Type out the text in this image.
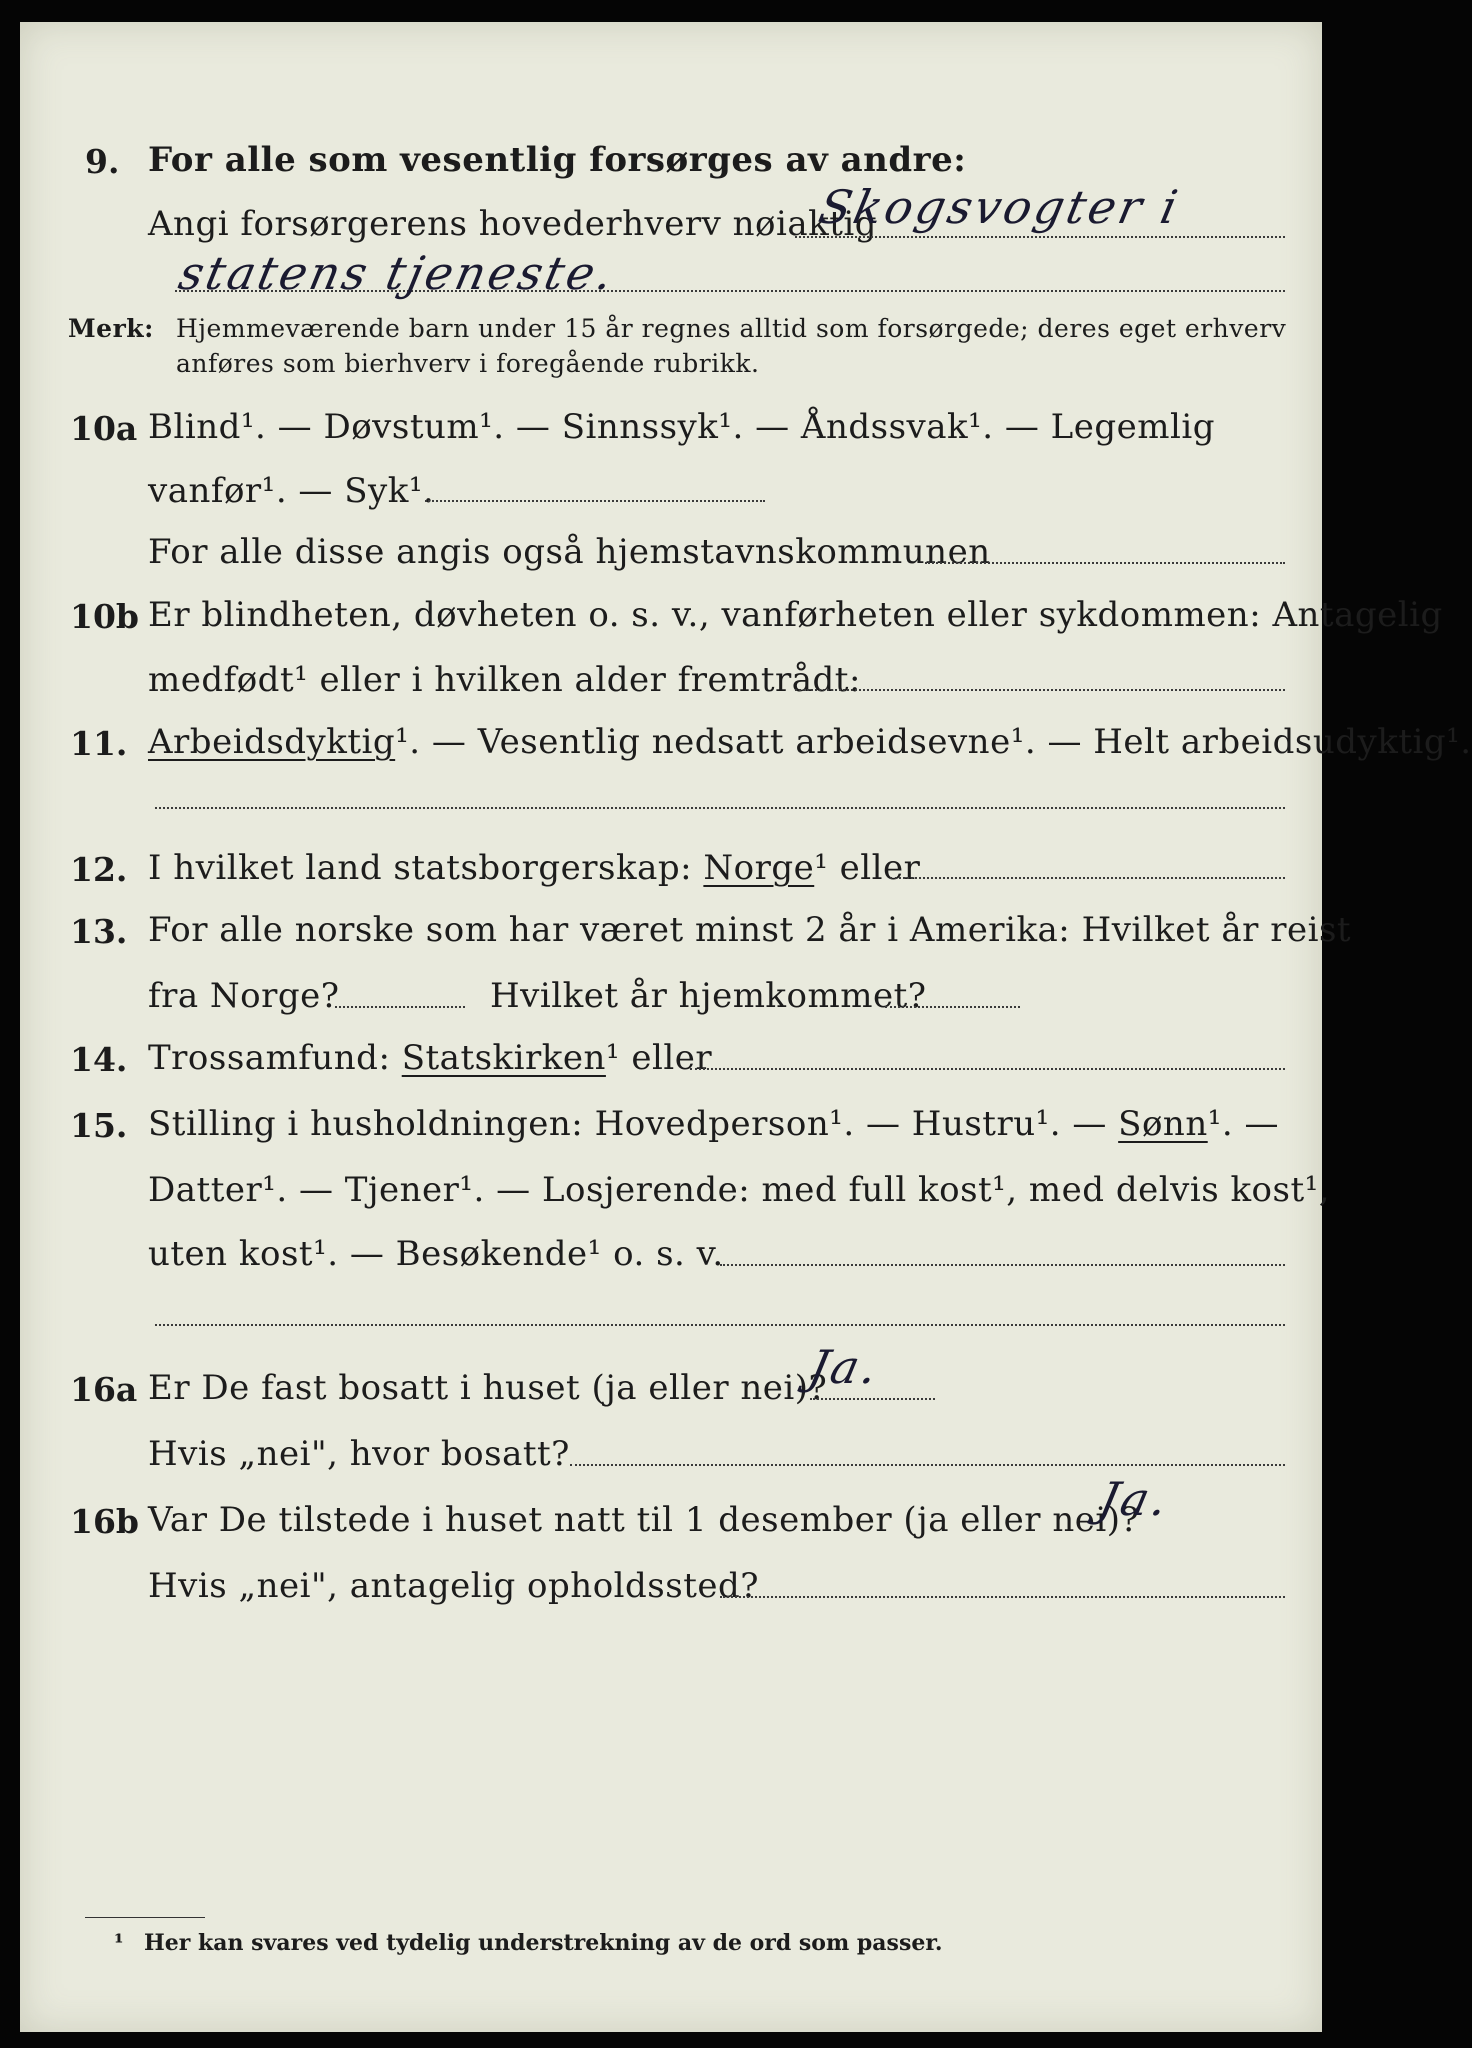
9. For alle som vesentlig forsørges av andre:
Angi forsørgerens hovederhverv nøiaktig
Skogsvogter i
statens tjeneste.
Merk: Hjemmeværende barn under 15 år regnes alltid som forsørgede; deres eget erhverv
anføres som bierhverv i foregående rubrikk.
10a Blind¹. — Døvstum¹. — Sinnssyk¹. — Åndssvak¹. — Legemlig
vanfør¹. — Syk¹.
For alle disse angis også hjemstavnskommunen
10b Er blindheten, døvheten o. s. v., vanførheten eller sykdommen: Antagelig
medfødt¹ eller i hvilken alder fremtrådt:
11. Arbeidsdyktig¹. — Vesentlig nedsatt arbeidsevne¹. — Helt arbeidsudyktig¹.
12. I hvilket land statsborgerskap: Norge¹ eller
13. For alle norske som har været minst 2 år i Amerika: Hvilket år reist
fra Norge?	Hvilket år hjemkommet?
14. Trossamfund: Statskirken¹ eller
15. Stilling i husholdningen: Hovedperson¹. — Hustru¹. — Sønn¹. —
Datter¹. — Tjener¹. — Losjerende: med full kost¹, med delvis kost¹,
uten kost¹. — Besøkende¹ o. s. v.
16a Er De fast bosatt i huset (ja eller nei)?
Ja.
Hvis „nei", hvor bosatt?
16b Var De tilstede i huset natt til 1 desember (ja eller nei)?
Ja.
Hvis „nei", antagelig opholdssted?
¹ Her kan svares ved tydelig understrekning av de ord som passer.
